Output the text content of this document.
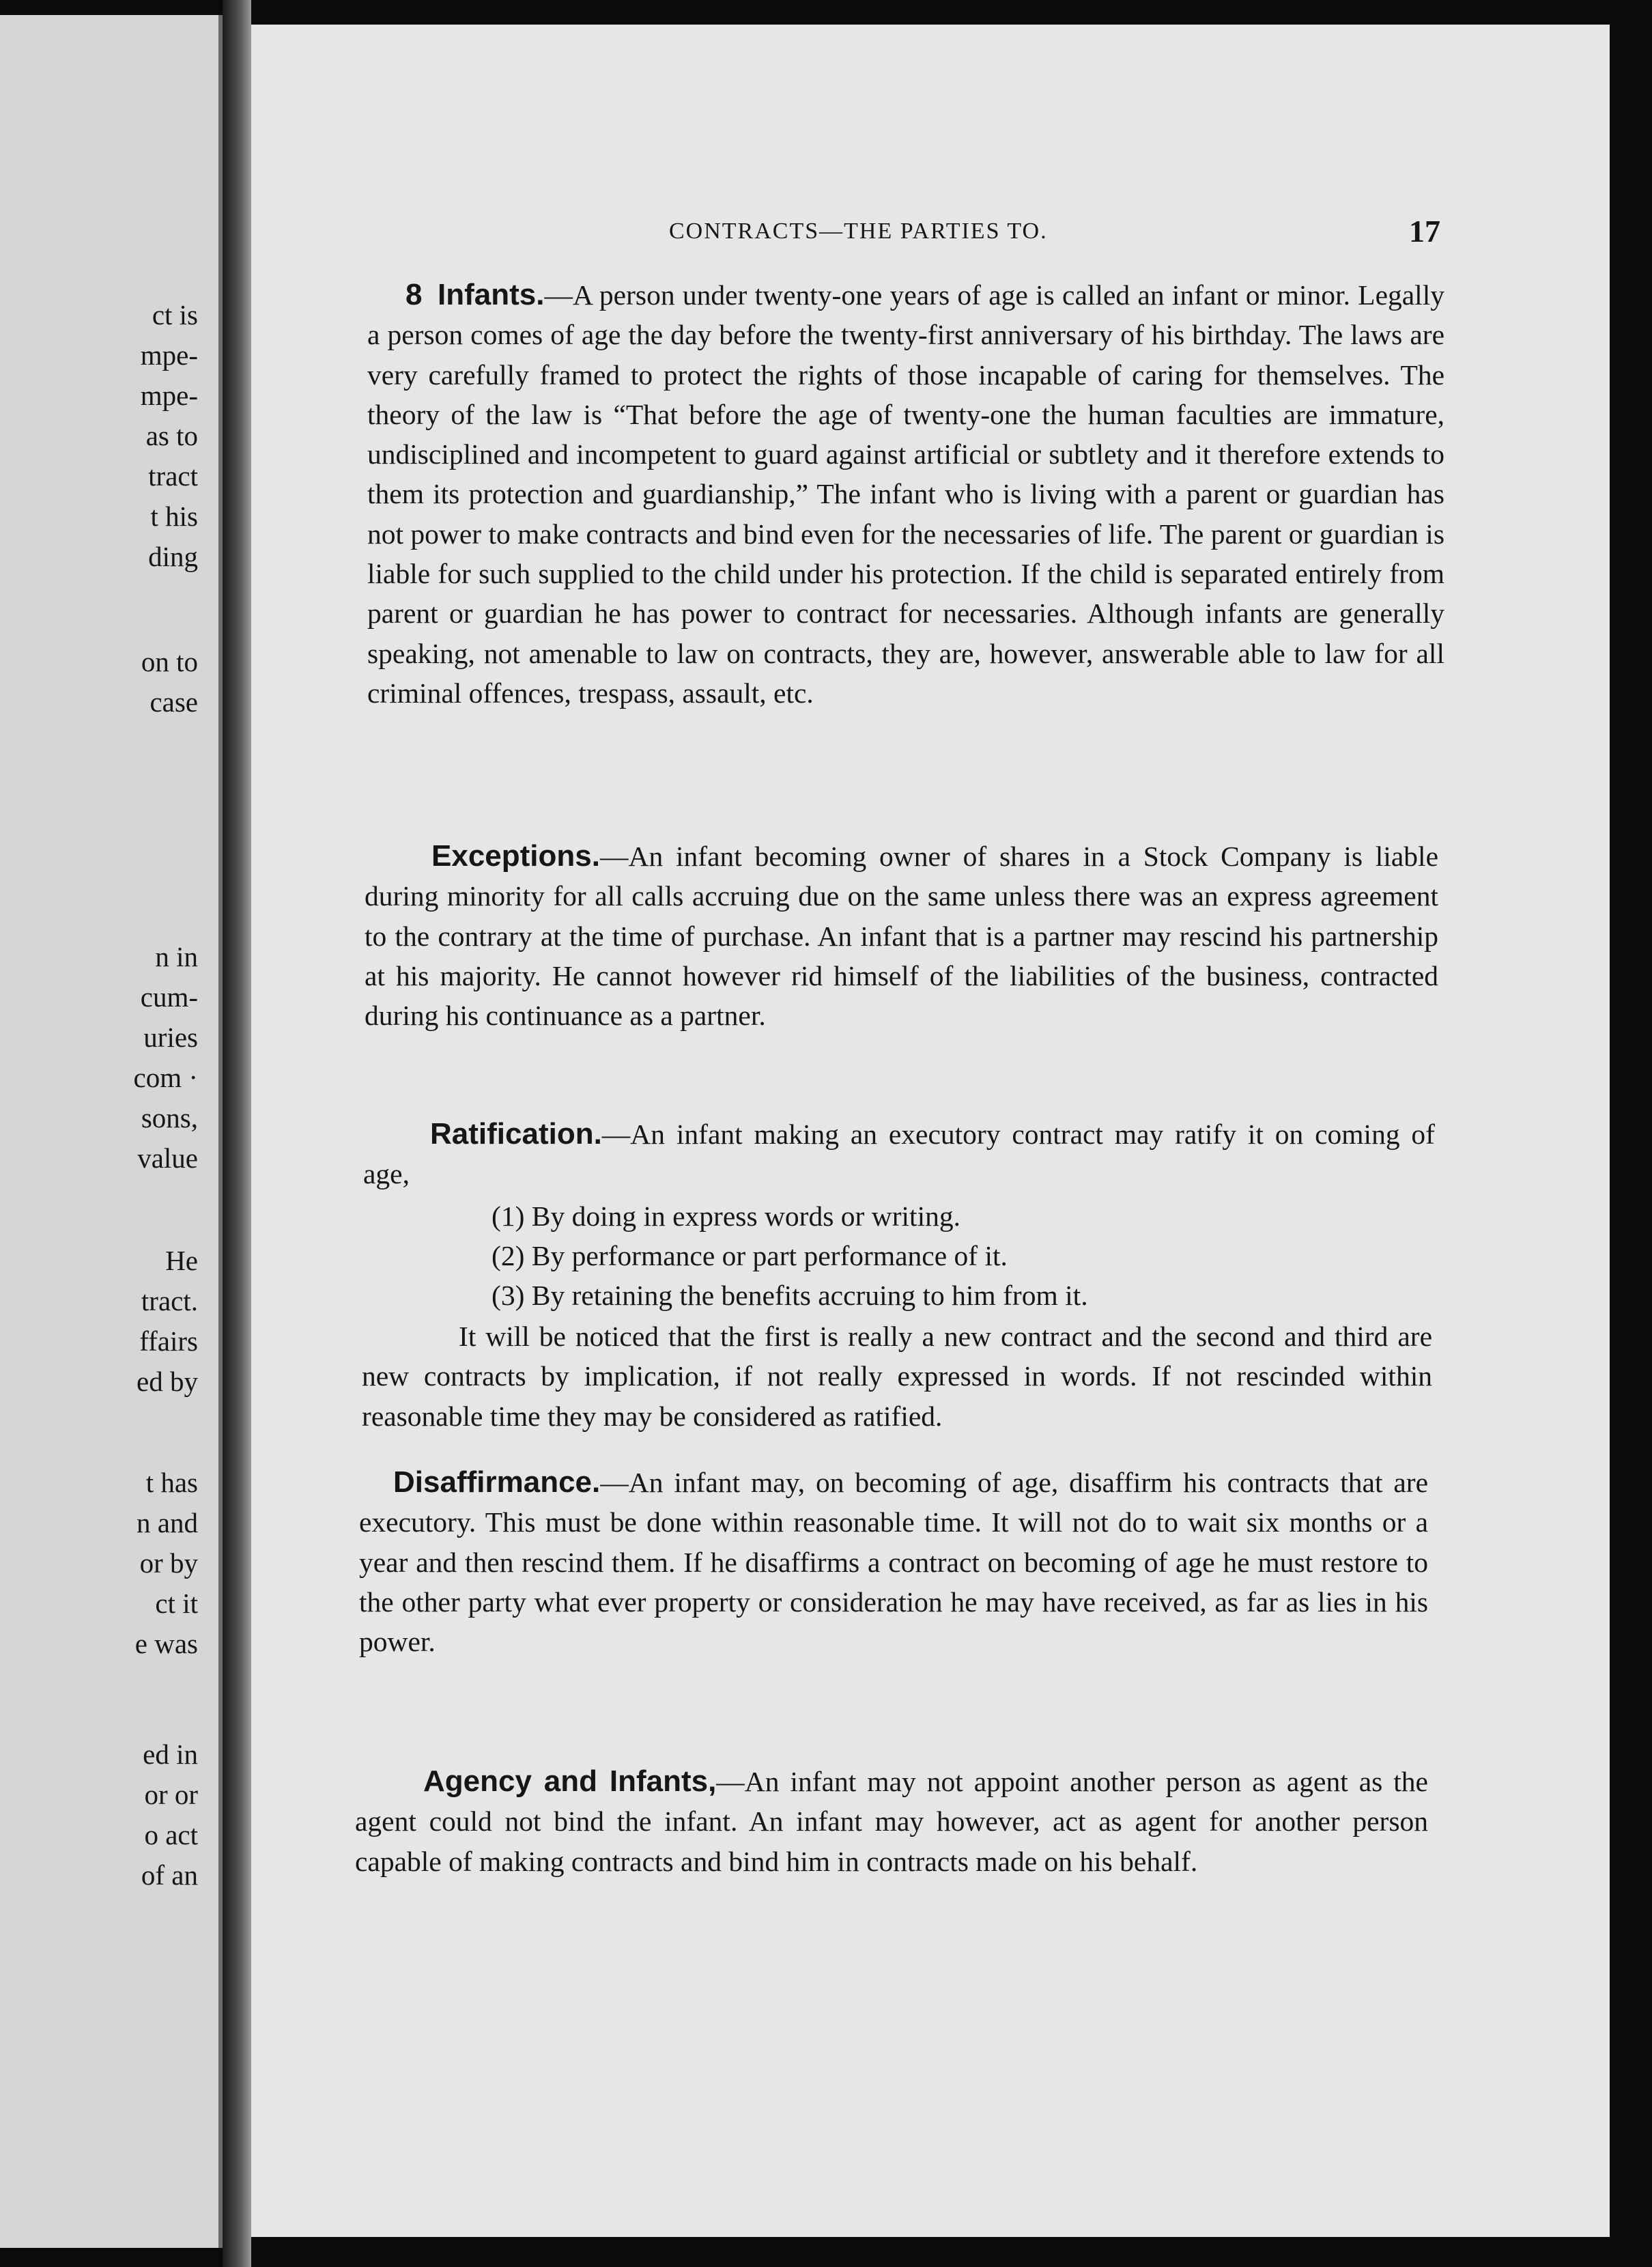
ct is
mpe-
mpe-
as to
tract
t his
ding
on to
case
n in
cum-
uries
com ·
sons,
value
He
tract.
ffairs
ed by
t has
n and
or by
ct it
e was
ed in
or or
o act
of an
CONTRACTS—THE PARTIES TO.	17

8 Infants.—A person under twenty-one years of age is called an infant or minor. Legally a person comes of age the day before the twenty-first anniversary of his birthday. The laws are very carefully framed to protect the rights of those incapable of caring for themselves. The theory of the law is “That before the age of twenty-one the human faculties are immature, undisciplined and incompetent to guard against artificial or subtlety and it therefore extends to them its protection and guardianship,” The infant who is living with a parent or guardian has not power to make contracts and bind even for the necessaries of life. The parent or guardian is liable for such supplied to the child under his protection. If the child is separated entirely from parent or guardian he has power to contract for necessaries. Although infants are generally speaking, not amenable to law on contracts, they are, however, answerable able to law for all criminal offences, trespass, assault, etc.

Exceptions.—An infant becoming owner of shares in a Stock Company is liable during minority for all calls accruing due on the same unless there was an express agreement to the contrary at the time of purchase. An infant that is a partner may rescind his partnership at his majority. He cannot however rid himself of the liabilities of the business, contracted during his continuance as a partner.

Ratification.—An infant making an executory contract may ratify it on coming of age,

(1) By doing in express words or writing.
(2) By performance or part performance of it.
(3) By retaining the benefits accruing to him from it.

It will be noticed that the first is really a new contract and the second and third are new contracts by implication, if not really expressed in words. If not rescinded within reasonable time they may be considered as ratified.

Disaffirmance.—An infant may, on becoming of age, disaffirm his contracts that are executory. This must be done within reasonable time. It will not do to wait six months or a year and then rescind them. If he disaffirms a contract on becoming of age he must restore to the other party what ever property or consideration he may have received, as far as lies in his power.

Agency and Infants,—An infant may not appoint another person as agent as the agent could not bind the infant. An infant may however, act as agent for another person capable of making contracts and bind him in contracts made on his behalf.
